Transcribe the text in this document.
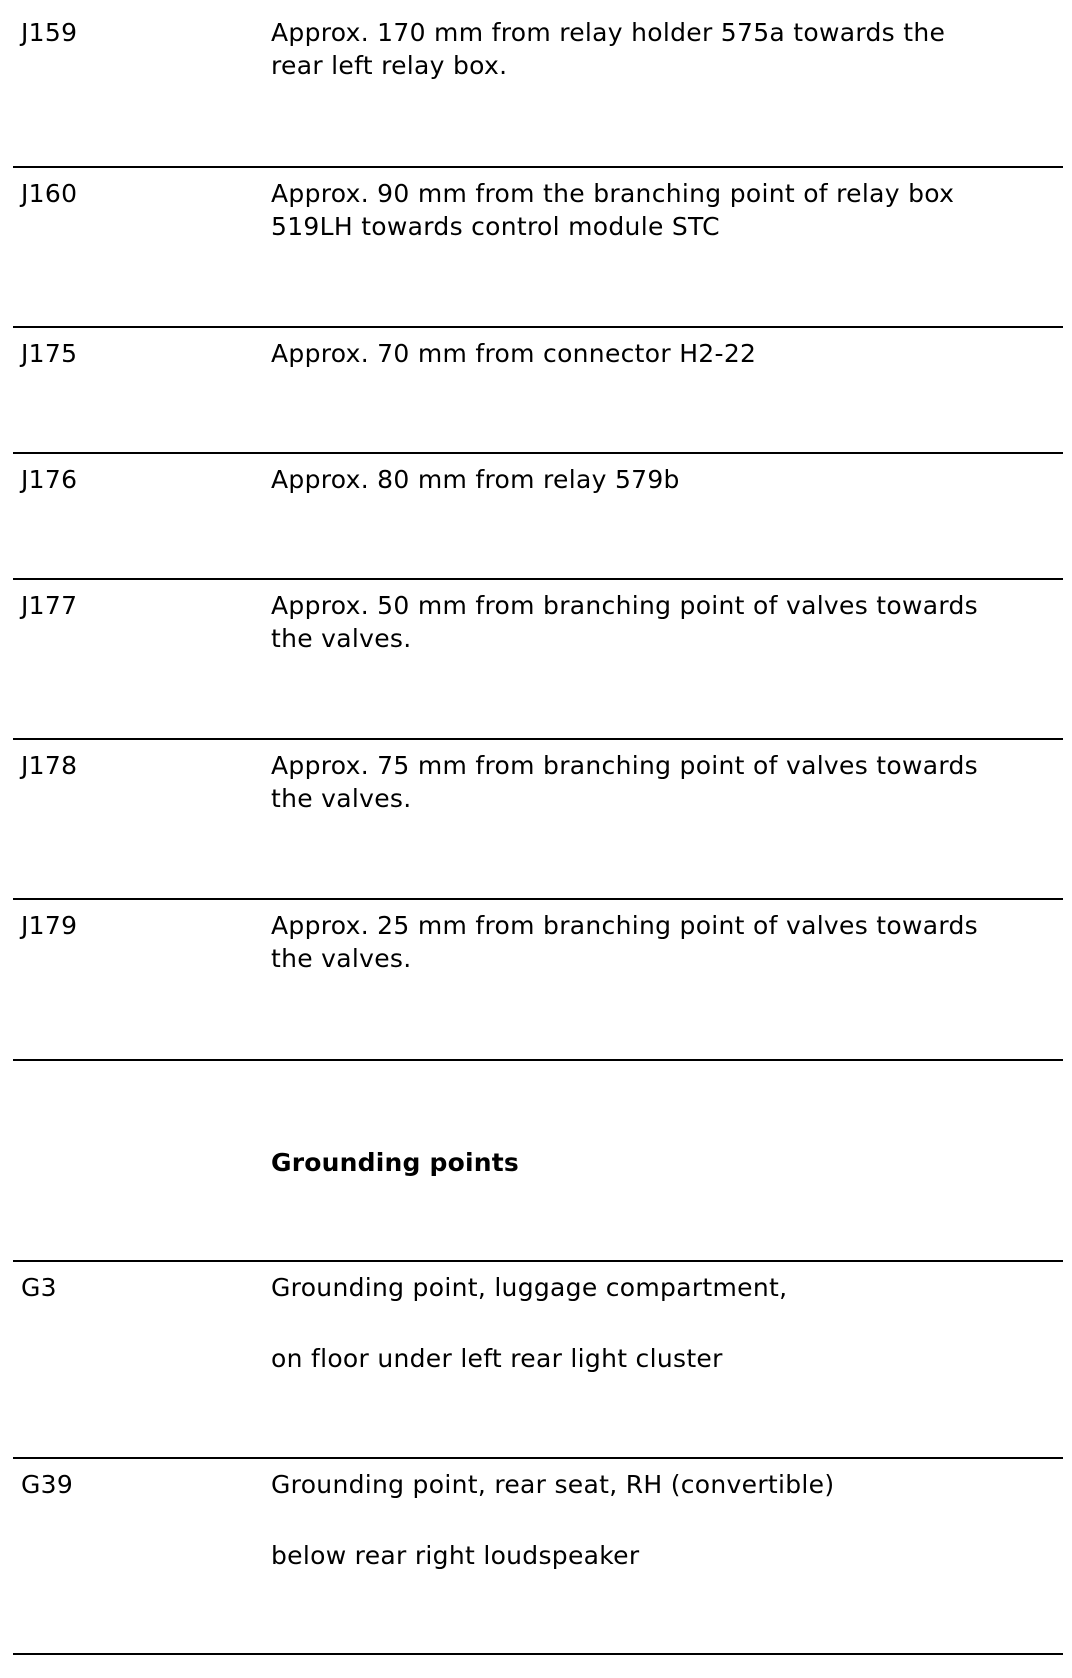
J159	Approx. 170 mm from relay holder 575a towards the
rear left relay box.
J160	Approx. 90 mm from the branching point of relay box
519LH towards control module STC
J175	Approx. 70 mm from connector H2-22
J176	Approx. 80 mm from relay 579b
J177	Approx. 50 mm from branching point of valves towards
the valves.
J178	Approx. 75 mm from branching point of valves towards
the valves.
J179	Approx. 25 mm from branching point of valves towards
the valves.
Grounding points
G3	Grounding point, luggage compartment,
on floor under left rear light cluster
G39	Grounding point, rear seat, RH (convertible)
below rear right loudspeaker
